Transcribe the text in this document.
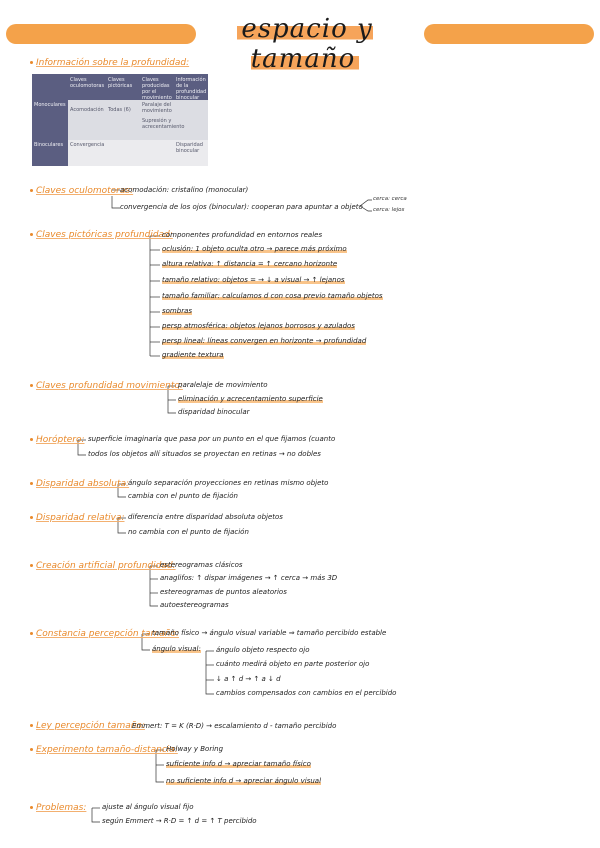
espacio y tamaño
Información sobre la profundidad:
Claves oculomotoras
Claves pictóricas
Claves producidas por el movimiento
Información de la profundidad binocular
Monoculares
Binoculares
Acomodación Todas (6)
Paralaje del movimiento
Supresión y acrecentamiento
Convergencia	Disparidad binocular
Claves oculomotoras:
acomodación: cristalino (monocular)
convergencia de los ojos (binocular): cooperan para apuntar a objeto
cerca: cerca
cerca: lejos
Claves pictóricas profundidad:
componentes profundidad en entornos reales
oclusión: 1 objeto oculta otro → parece más próximo
altura relativa: ↑ distancia = ↑ cercano horizonte
tamaño relativo: objetos = → ↓ a visual → ↑ lejanos
tamaño familiar: calculamos d con cosa previo tamaño objetos
sombras
persp atmosférica: objetos lejanos borrosos y azulados
persp lineal: líneas convergen en horizonte → profundidad
gradiente textura
Claves profundidad movimiento:
paralelaje de movimiento
eliminación y acrecentamiento superficie
disparidad binocular
Horóptero: superficie imaginaria que pasa por un punto en el que fijamos (cuanto
todos los objetos allí situados se proyectan en retinas → no dobles
Disparidad absoluta:
ángulo separación proyecciones en retinas mismo objeto
cambia con el punto de fijación
Disparidad relativa: diferencia entre disparidad absoluta objetos
no cambia con el punto de fijación
Creación artificial profundidad:
estereogramas clásicos
anaglifos: ↑ dispar imágenes → ↑ cerca → más 3D
estereogramas de puntos aleatorios
autoestereogramas
Constancia percepción tamaño:
tamaño físico → ángulo visual variable ⇒ tamaño percibido estable
ángulo visual: ángulo objeto respecto ojo
cuánto medirá objeto en parte posterior ojo
↓ a ↑ d → ↑ a ↓ d
cambios compensados con cambios en el percibido
Ley percepción tamaño:
Emmert: T = K (R·D) → escalamiento d - tamaño percibido
Experimento tamaño-distancia:
Holway y Boring
suficiente info d → apreciar tamaño físico
no suficiente info d → apreciar ángulo visual
Problemas: ajuste al ángulo visual fijo
según Emmert → R·D = ↑ d = ↑ T percibido
